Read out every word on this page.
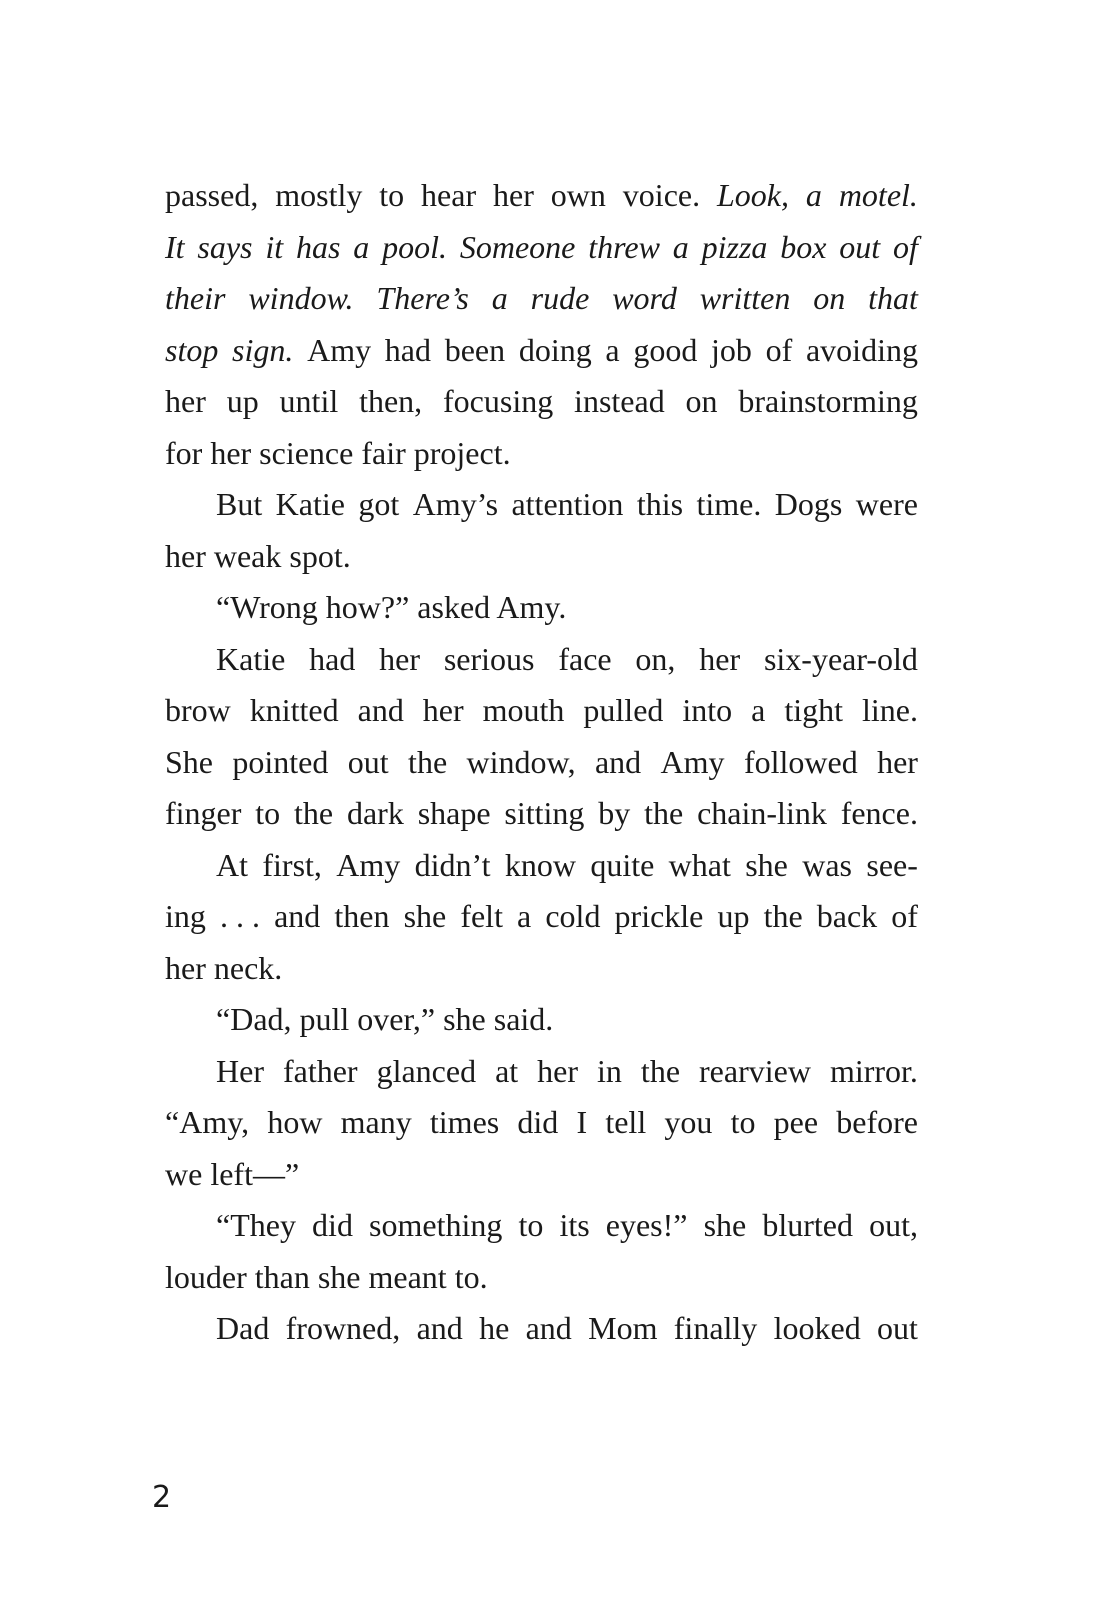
passed, mostly to hear her own voice. Look, a motel.
It says it has a pool. Someone threw a pizza box out of
their window. There’s a rude word written on that
stop sign. Amy had been doing a good job of avoiding
her up until then, focusing instead on brainstorming
for her science fair project.
But Katie got Amy’s attention this time. Dogs were
her weak spot.
“Wrong how?” asked Amy.
Katie had her serious face on, her six-year-old
brow knitted and her mouth pulled into a tight line.
She pointed out the window, and Amy followed her
finger to the dark shape sitting by the chain-link fence.
At first, Amy didn’t know quite what she was see-
ing . . . and then she felt a cold prickle up the back of
her neck.
“Dad, pull over,” she said.
Her father glanced at her in the rearview mirror.
“Amy, how many times did I tell you to pee before
we left—”
“They did something to its eyes!” she blurted out,
louder than she meant to.
Dad frowned, and he and Mom finally looked out
2
